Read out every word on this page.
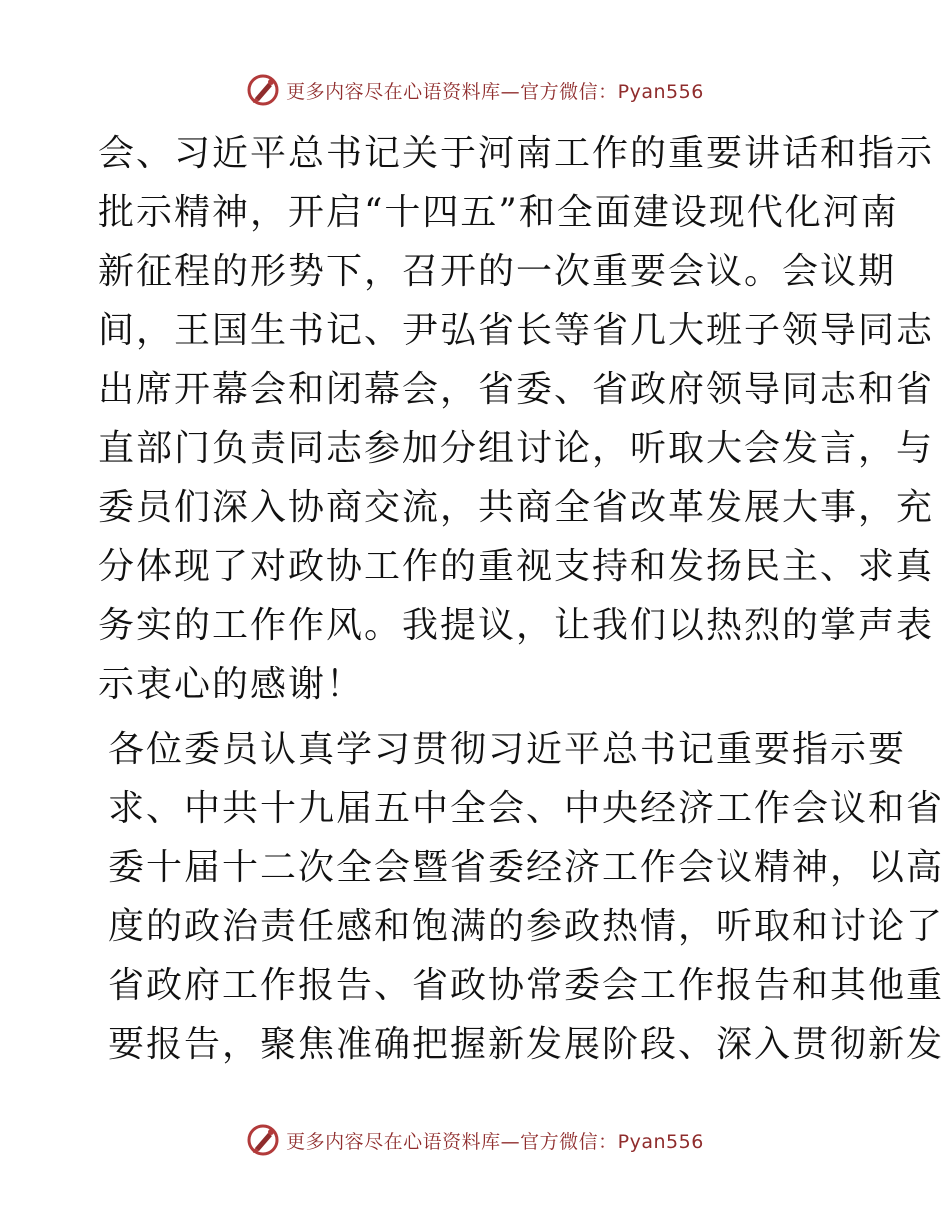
更多内容尽在心语资料库—官方微信：Pyan556

会、习近平总书记关于河南工作的重要讲话和指示
批示精神，开启“十四五”和全面建设现代化河南
新征程的形势下，召开的一次重要会议。会议期
间，王国生书记、尹弘省长等省几大班子领导同志
出席开幕会和闭幕会，省委、省政府领导同志和省
直部门负责同志参加分组讨论，听取大会发言，与
委员们深入协商交流，共商全省改革发展大事，充
分体现了对政协工作的重视支持和发扬民主、求真
务实的工作作风。我提议，让我们以热烈的掌声表
示衷心的感谢！

各位委员认真学习贯彻习近平总书记重要指示要
求、中共十九届五中全会、中央经济工作会议和省
委十届十二次全会暨省委经济工作会议精神，以高
度的政治责任感和饱满的参政热情，听取和讨论了
省政府工作报告、省政协常委会工作报告和其他重
要报告，聚焦准确把握新发展阶段、深入贯彻新发

更多内容尽在心语资料库—官方微信：Pyan556
